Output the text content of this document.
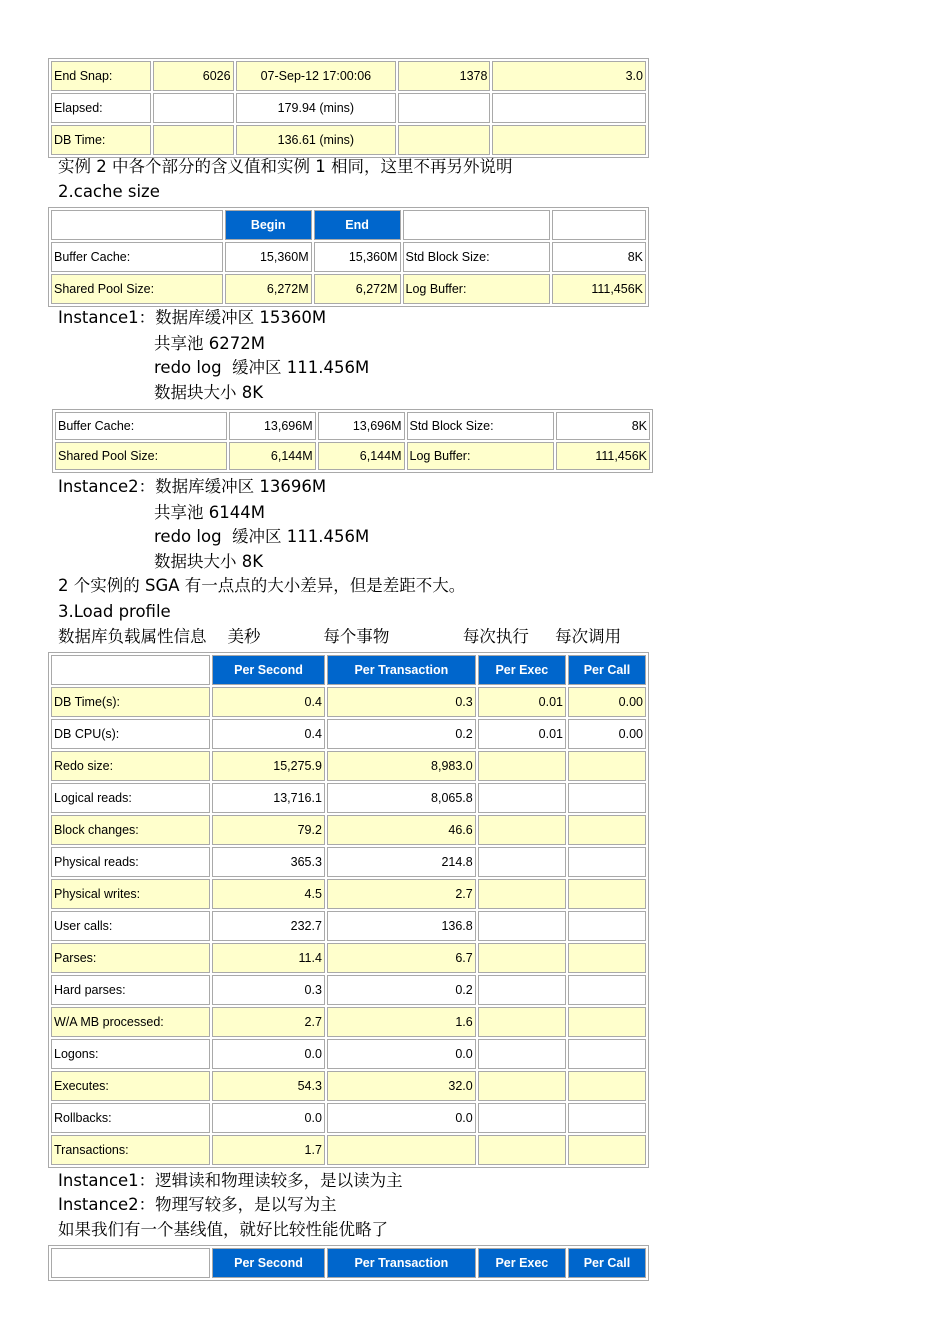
End Snap:	6026	07-Sep-12 17:00:06	1378	3.0
Elapsed:		179.94 (mins)		
DB Time:		136.61 (mins)		
实例 2 中各个部分的含义值和实例 1 相同，这里不再另外说明
2.cache size
	Begin	End		
Buffer Cache:	15,360M	15,360M	Std Block Size:	8K
Shared Pool Size:	6,272M	6,272M	Log Buffer:	111,456K
Instance1：数据库缓冲区 15360M
共享池 6272M
redo log  缓冲区 111.456M
数据块大小 8K
Buffer Cache:	13,696M	13,696M	Std Block Size:	8K
Shared Pool Size:	6,144M	6,144M	Log Buffer:	111,456K
Instance2：数据库缓冲区 13696M
共享池 6144M
redo log  缓冲区 111.456M
数据块大小 8K
2 个实例的 SGA 有一点点的大小差异，但是差距不大。
3.Load profile
数据库负载属性信息    美秒            每个事物              每次执行     每次调用
	Per Second	Per Transaction	Per Exec	Per Call
DB Time(s):	0.4	0.3	0.01	0.00
DB CPU(s):	0.4	0.2	0.01	0.00
Redo size:	15,275.9	8,983.0		
Logical reads:	13,716.1	8,065.8		
Block changes:	79.2	46.6		
Physical reads:	365.3	214.8		
Physical writes:	4.5	2.7		
User calls:	232.7	136.8		
Parses:	11.4	6.7		
Hard parses:	0.3	0.2		
W/A MB processed:	2.7	1.6		
Logons:	0.0	0.0		
Executes:	54.3	32.0		
Rollbacks:	0.0	0.0		
Transactions:	1.7			
Instance1：逻辑读和物理读较多，是以读为主
Instance2：物理写较多，是以写为主
如果我们有一个基线值，就好比较性能优略了
	Per Second	Per Transaction	Per Exec	Per Call
